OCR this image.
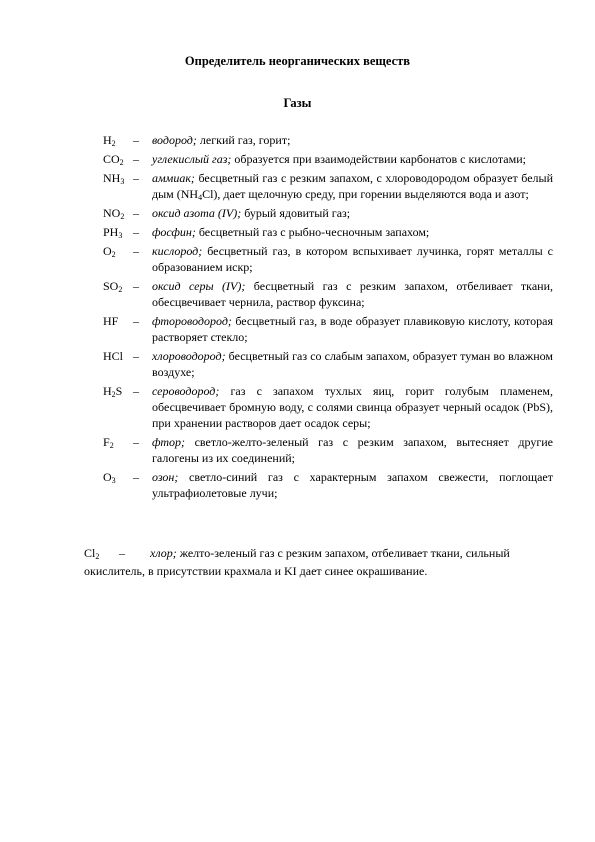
Определитель неорганических веществ
Газы
$H_2$	–	водород; легкий газ, горит;
$CO_2$ –	углекислый газ; образуется при взаимодействии карбонатов с кислотами;
$NH_3$ –	аммиак; бесцветный газ с резким запахом, с хлороводородом образует белый дым $(NH_4Cl)$, дает щелочную среду, при горении выделяются вода и азот;
$NO_2$ –	оксид азота (IV); бурый ядовитый газ;
$PH_3$ –	фосфин; бесцветный газ с рыбно-чесночным запахом;
$O_2$	–	кислород; бесцветный газ, в котором вспыхивает лучинка, горят металлы с образованием искр;
$SO_2$ –	оксид серы (IV); бесцветный газ с резким запахом, отбеливает ткани, обесцвечивает чернила, раствор фуксина;
HF	–	фтороводород; бесцветный газ, в воде образует плавиковую кислоту, которая растворяет стекло;
HCl –	хлороводород; бесцветный газ со слабым запахом, образует туман во влажном воздухе;
$H_2S$ –	сероводород; газ с запахом тухлых яиц, горит голубым пламенем, обесцвечивает бромную воду, с солями свинца образует черный осадок (PbS), при хранении растворов дает осадок серы;
$F_2$	–	фтор; светло-желто-зеленый газ с резким запахом, вытесняет другие галогены из их соединений;
$O_3$	–	озон; светло-синий газ с характерным запахом свежести, поглощает ультрафиолетовые лучи;
$Cl_2$ – хлор; желто-зеленый газ с резким запахом, отбеливает ткани, сильный окислитель, в присутствии крахмала и KI дает синее окрашивание.
